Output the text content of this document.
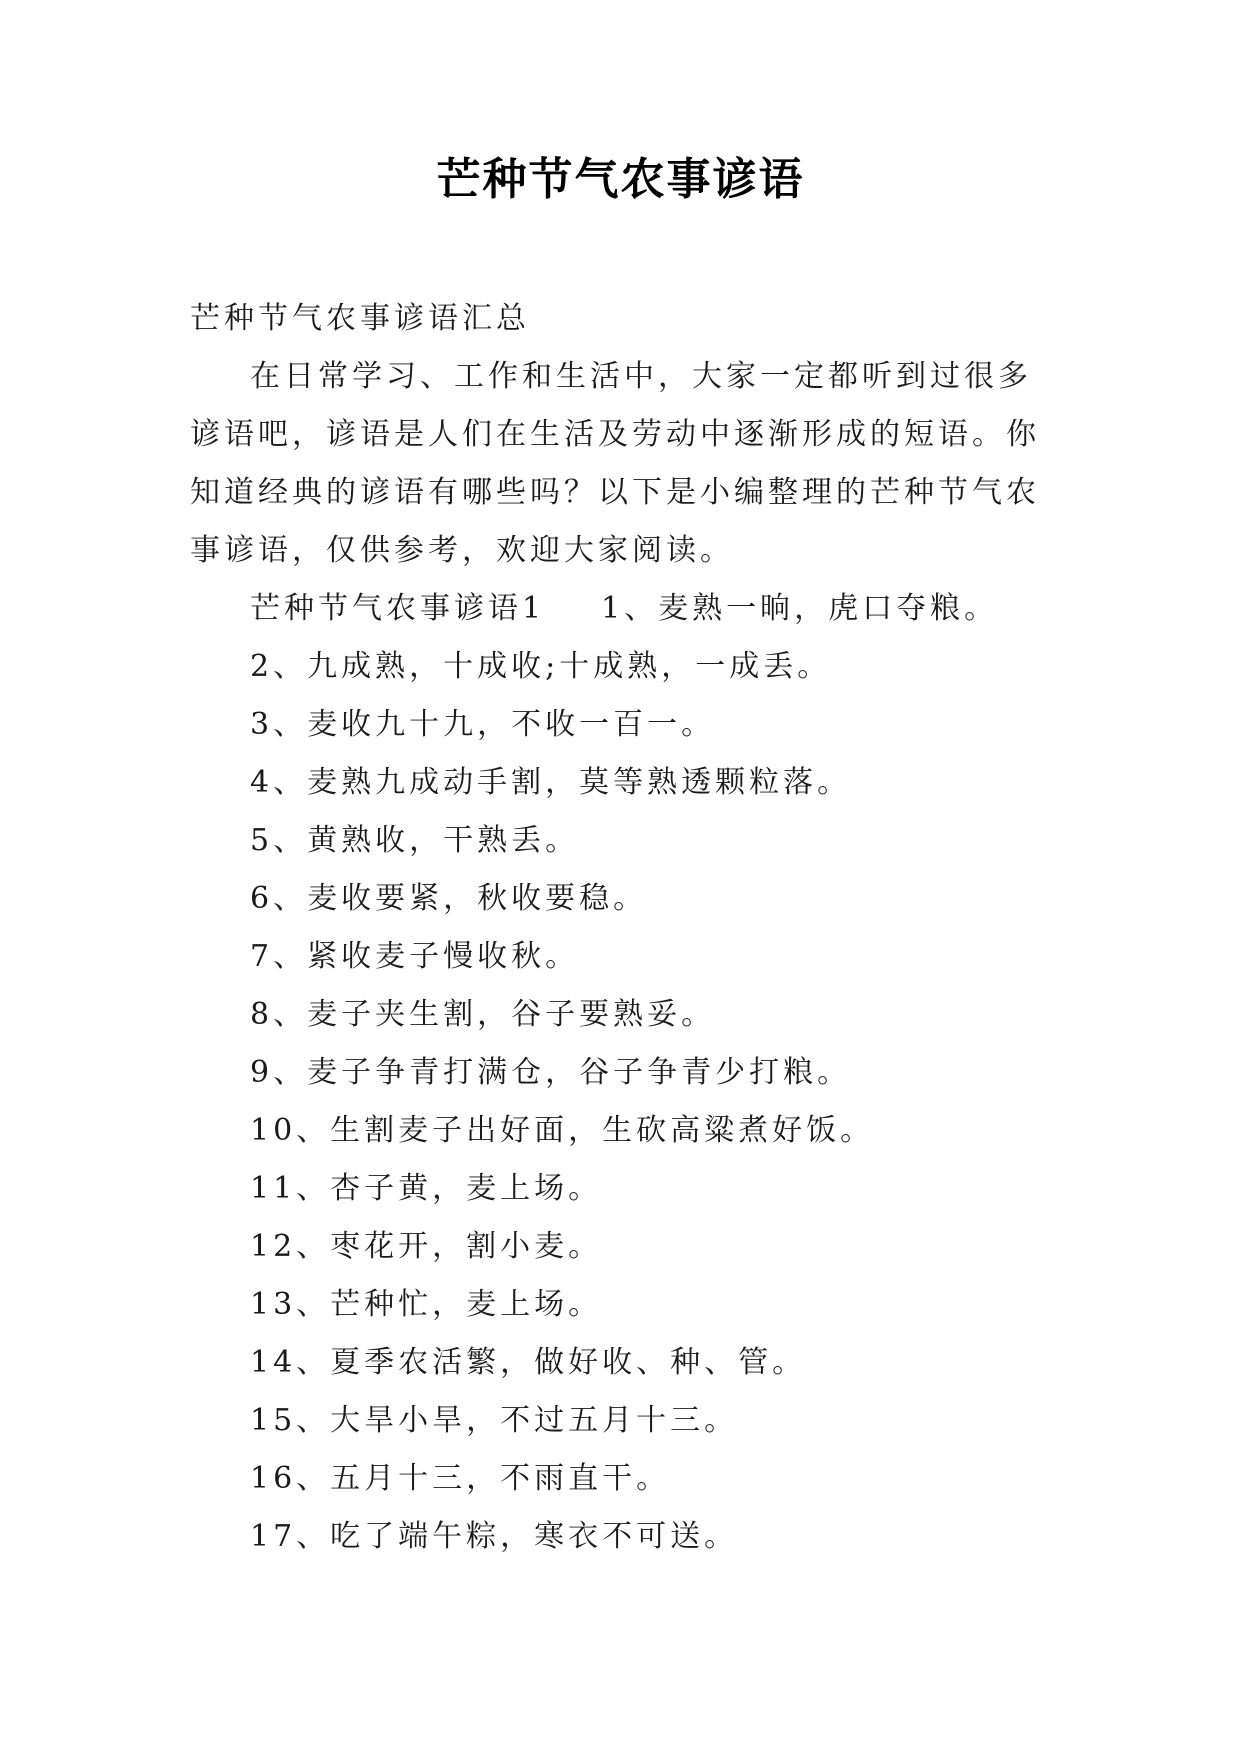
芒种节气农事谚语

芒种节气农事谚语汇总

在日常学习、工作和生活中，大家一定都听到过很多谚语吧，谚语是人们在生活及劳动中逐渐形成的短语。你知道经典的谚语有哪些吗？以下是小编整理的芒种节气农事谚语，仅供参考，欢迎大家阅读。

芒种节气农事谚语1 1、麦熟一晌，虎口夺粮。

2、九成熟，十成收;十成熟，一成丢。

3、麦收九十九，不收一百一。

4、麦熟九成动手割，莫等熟透颗粒落。

5、黄熟收，干熟丢。

6、麦收要紧，秋收要稳。

7、紧收麦子慢收秋。

8、麦子夹生割，谷子要熟妥。

9、麦子争青打满仓，谷子争青少打粮。

10、生割麦子出好面，生砍高粱煮好饭。

11、杏子黄，麦上场。

12、枣花开，割小麦。

13、芒种忙，麦上场。

14、夏季农活繁，做好收、种、管。

15、大旱小旱，不过五月十三。

16、五月十三，不雨直干。

17、吃了端午粽，寒衣不可送。
